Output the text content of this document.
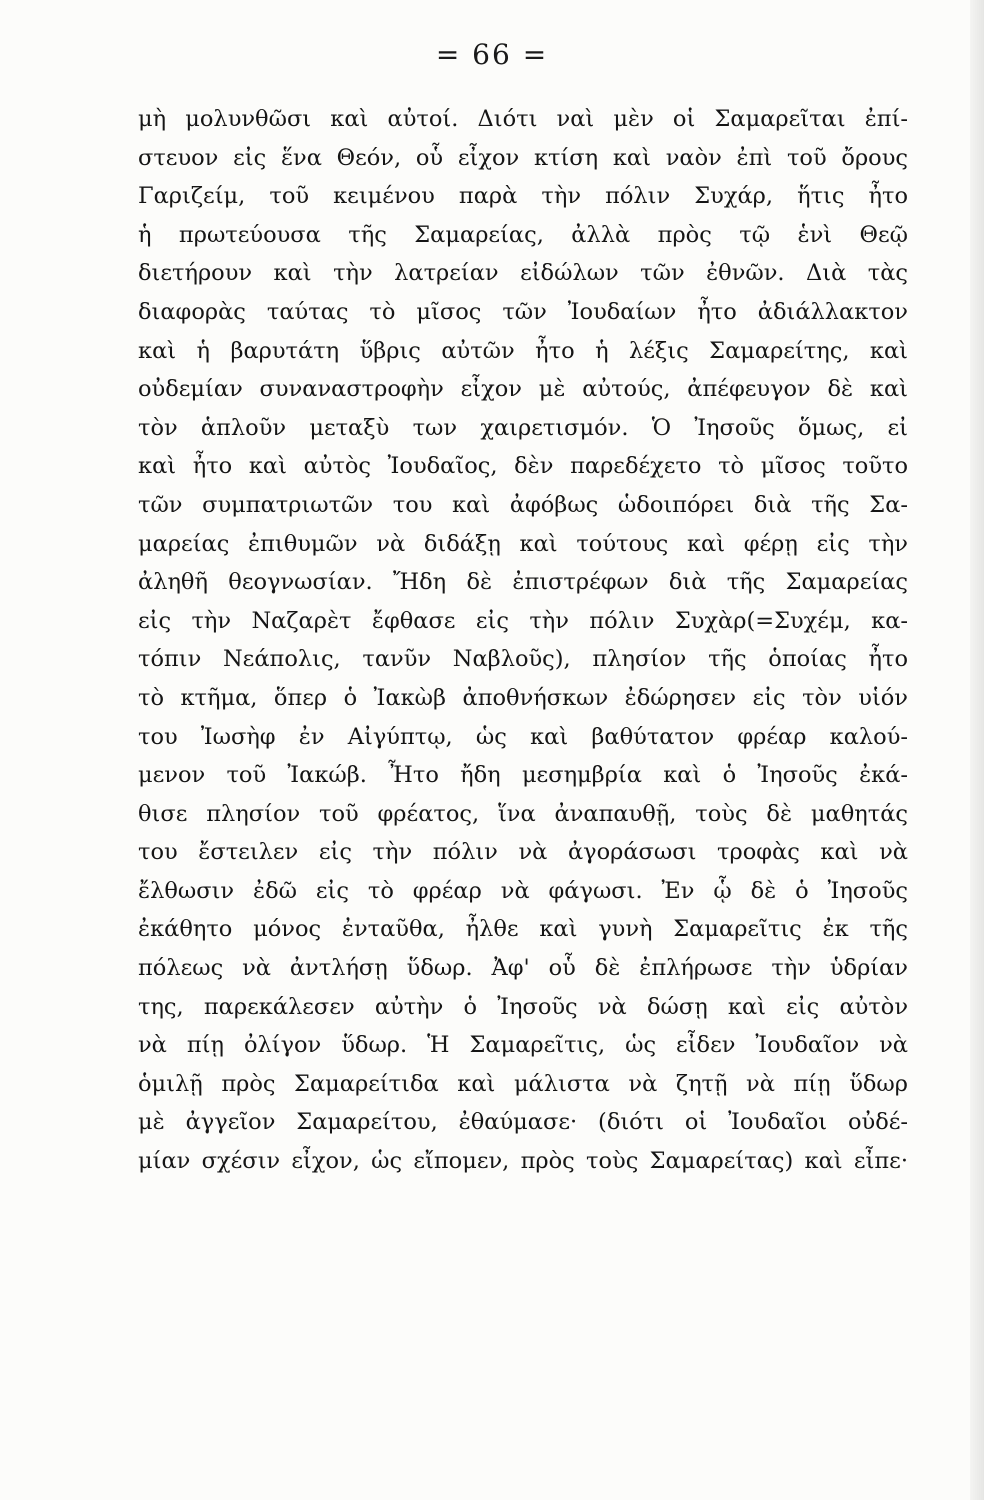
= 66 =
μὴ μολυνθῶσι καὶ αὐτοί. Διότι ναὶ μὲν οἱ Σαμαρεῖται ἐπί-
στευον εἰς ἕνα Θεόν, οὗ εἶχον κτίση καὶ ναὸν ἐπὶ τοῦ ὄρους
Γαριζείμ, τοῦ κειμένου παρὰ τὴν πόλιν Συχάρ, ἥτις ἦτο
ἡ πρωτεύουσα τῆς Σαμαρείας, ἀλλὰ πρὸς τῷ ἑνὶ Θεῷ
διετήρουν καὶ τὴν λατρείαν εἰδώλων τῶν ἐθνῶν. Διὰ τὰς
διαφορὰς ταύτας τὸ μῖσος τῶν Ἰουδαίων ἦτο ἀδιάλλακτον
καὶ ἡ βαρυτάτη ὕβρις αὐτῶν ἦτο ἡ λέξις Σαμαρείτης, καὶ
οὐδεμίαν συναναστροφὴν εἶχον μὲ αὐτούς, ἀπέφευγον δὲ καὶ
τὸν ἁπλοῦν μεταξὺ των χαιρετισμόν. Ὁ Ἰησοῦς ὅμως, εἰ
καὶ ἦτο καὶ αὐτὸς Ἰουδαῖος, δὲν παρεδέχετο τὸ μῖσος τοῦτο
τῶν συμπατριωτῶν του καὶ ἀφόβως ὡδοιπόρει διὰ τῆς Σα-
μαρείας ἐπιθυμῶν νὰ διδάξῃ καὶ τούτους καὶ φέρῃ εἰς τὴν
ἀληθῆ θεογνωσίαν. Ἤδη δὲ ἐπιστρέφων διὰ τῆς Σαμαρείας
εἰς τὴν Ναζαρὲτ ἔφθασε εἰς τὴν πόλιν Συχὰρ(=Συχέμ, κα-
τόπιν Νεάπολις, τανῦν Ναβλοῦς), πλησίον τῆς ὁποίας ἦτο
τὸ κτῆμα, ὅπερ ὁ Ἰακὼβ ἀποθνήσκων ἐδώρησεν εἰς τὸν υἱόν
του Ἰωσὴφ ἐν Αἰγύπτῳ, ὡς καὶ βαθύτατον φρέαρ καλού-
μενον τοῦ Ἰακώβ. Ἦτο ἤδη μεσημβρία καὶ ὁ Ἰησοῦς ἐκά-
θισε πλησίον τοῦ φρέατος, ἵνα ἀναπαυθῇ, τοὺς δὲ μαθητάς
του ἔστειλεν εἰς τὴν πόλιν νὰ ἀγοράσωσι τροφὰς καὶ νὰ
ἔλθωσιν ἐδῶ εἰς τὸ φρέαρ νὰ φάγωσι. Ἐν ᾧ δὲ ὁ Ἰησοῦς
ἐκάθητο μόνος ἐνταῦθα, ἦλθε καὶ γυνὴ Σαμαρεῖτις ἐκ τῆς
πόλεως νὰ ἀντλήσῃ ὕδωρ. Ἀφ' οὗ δὲ ἐπλήρωσε τὴν ὑδρίαν
της, παρεκάλεσεν αὐτὴν ὁ Ἰησοῦς νὰ δώσῃ καὶ εἰς αὐτὸν
νὰ πίῃ ὀλίγον ὕδωρ. Ἡ Σαμαρεῖτις, ὡς εἶδεν Ἰουδαῖον νὰ
ὁμιλῇ πρὸς Σαμαρείτιδα καὶ μάλιστα νὰ ζητῇ νὰ πίῃ ὕδωρ
μὲ ἀγγεῖον Σαμαρείτου, ἐθαύμασε· (διότι οἱ Ἰουδαῖοι οὐδέ-
μίαν σχέσιν εἶχον, ὡς εἴπομεν, πρὸς τοὺς Σαμαρείτας) καὶ εἶπε·
